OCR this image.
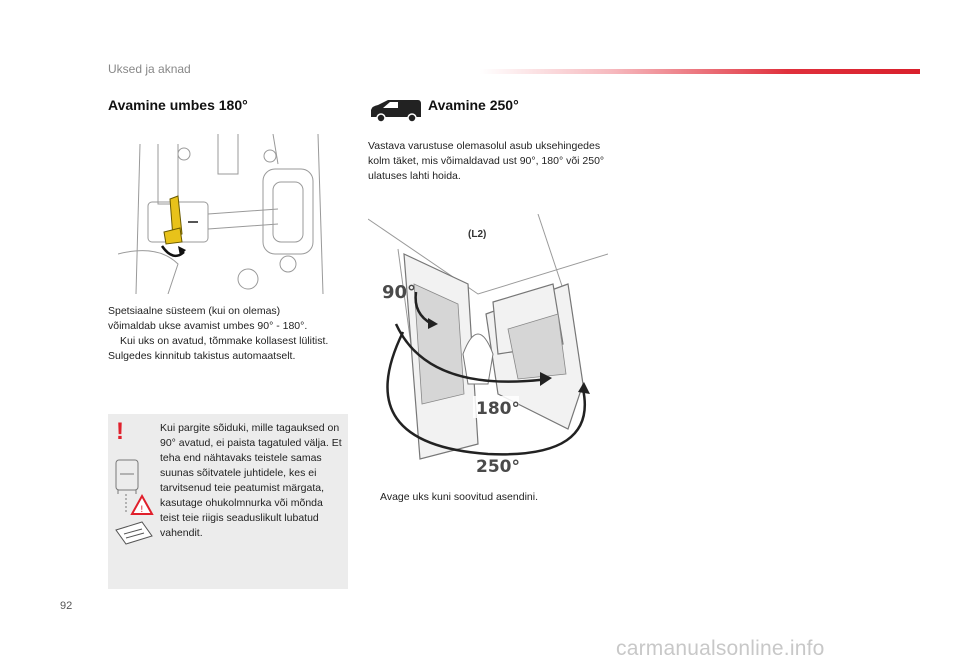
Uksed ja aknad
Avamine umbes 180°
Spetsiaalne süsteem (kui on olemas)
võimaldab ukse avamist umbes 90° - 180°.
Kui uks on avatud, tõmmake kollasest lülitist.
Sulgedes kinnitub takistus automaatselt.
!	Kui pargite sõiduki, mille tagauksed on 90° avatud, ei paista tagatuled välja. Et teha end nähtavaks teistele samas suunas sõitvatele juhtidele, kes ei tarvitsenud teie peatumist märgata, kasutage ohukolmnurka või mõnda teist teie riigis seaduslikult lubatud vahendit.

!
Avamine 250°

Vastava varustuse olemasolul asub uksehingedes kolm täket, mis võimaldavad ust 90°, 180° või 250° ulatuses lahti hoida.

90°
180°
250°
(L2)
Avage uks kuni soovitud asendini.
92
carmanualsonline.info
